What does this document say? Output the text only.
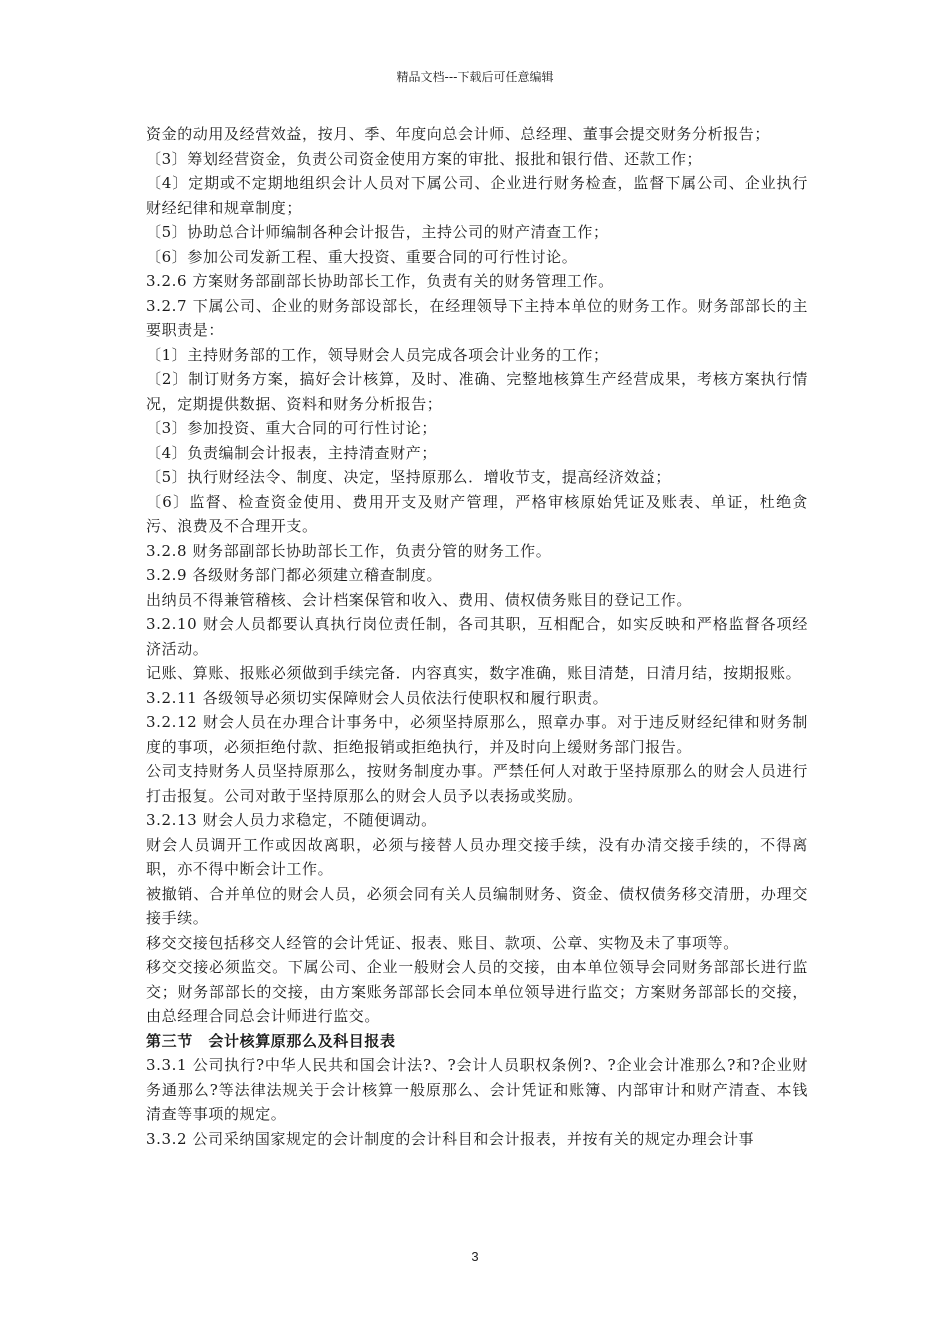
精品文档---下载后可任意编辑

资金的动用及经营效益，按月、季、年度向总会计师、总经理、董事会提交财务分析报告；

〔3〕筹划经营资金，负责公司资金使用方案的审批、报批和银行借、还款工作；

〔4〕定期或不定期地组织会计人员对下属公司、企业进行财务检查，监督下属公司、企业执行财经纪律和规章制度；

〔5〕协助总合计师编制各种会计报告，主持公司的财产清查工作；

〔6〕参加公司发新工程、重大投资、重要合同的可行性讨论。

3.2.6 方案财务部副部长协助部长工作，负责有关的财务管理工作。

3.2.7 下属公司、企业的财务部设部长，在经理领导下主持本单位的财务工作。财务部部长的主要职责是：

〔1〕主持财务部的工作，领导财会人员完成各项会计业务的工作；

〔2〕制订财务方案，搞好会计核算，及时、准确、完整地核算生产经营成果，考核方案执行情况，定期提供数据、资料和财务分析报告；

〔3〕参加投资、重大合同的可行性讨论；

〔4〕负责编制会计报表，主持清查财产；

〔5〕执行财经法令、制度、决定，坚持原那么．增收节支，提高经济效益；

〔6〕监督、检查资金使用、费用开支及财产管理，严格审核原始凭证及账表、单证，杜绝贪污、浪费及不合理开支。

3.2.8 财务部副部长协助部长工作，负责分管的财务工作。

3.2.9 各级财务部门都必须建立稽查制度。

出纳员不得兼管稽核、会计档案保管和收入、费用、债权债务账目的登记工作。

3.2.10 财会人员都要认真执行岗位责任制，各司其职，互相配合，如实反映和严格监督各项经济活动。

记账、算账、报账必须做到手续完备．内容真实，数字准确，账目清楚，日清月结，按期报账。

3.2.11 各级领导必须切实保障财会人员依法行使职权和履行职责。

3.2.12 财会人员在办理合计事务中，必须坚持原那么，照章办事。对于违反财经纪律和财务制度的事项，必须拒绝付款、拒绝报销或拒绝执行，并及时向上缓财务部门报告。

公司支持财务人员坚持原那么，按财务制度办事。严禁任何人对敢于坚持原那么的财会人员进行打击报复。公司对敢于坚持原那么的财会人员予以表扬或奖励。

3.2.13 财会人员力求稳定，不随便调动。

财会人员调开工作或因故离职，必须与接替人员办理交接手续，没有办清交接手续的，不得离职，亦不得中断会计工作。

被撤销、合并单位的财会人员，必须会同有关人员编制财务、资金、债权债务移交清册，办理交接手续。

移交交接包括移交人经管的会计凭证、报表、账目、款项、公章、实物及未了事项等。

移交交接必须监交。下属公司、企业一般财会人员的交接，由本单位领导会同财务部部长进行监交；财务部部长的交接，由方案账务部部长会同本单位领导进行监交；方案财务部部长的交接，由总经理合同总会计师进行监交。

第三节　会计核算原那么及科目报表

3.3.1 公司执行?中华人民共和国会计法?、?会计人员职权条例?、?企业会计准那么?和?企业财务通那么?等法律法规关于会计核算一般原那么、会计凭证和账簿、内部审计和财产清查、本钱清查等事项的规定。

3.3.2 公司采纳国家规定的会计制度的会计科目和会计报表，并按有关的规定办理会计事

3
